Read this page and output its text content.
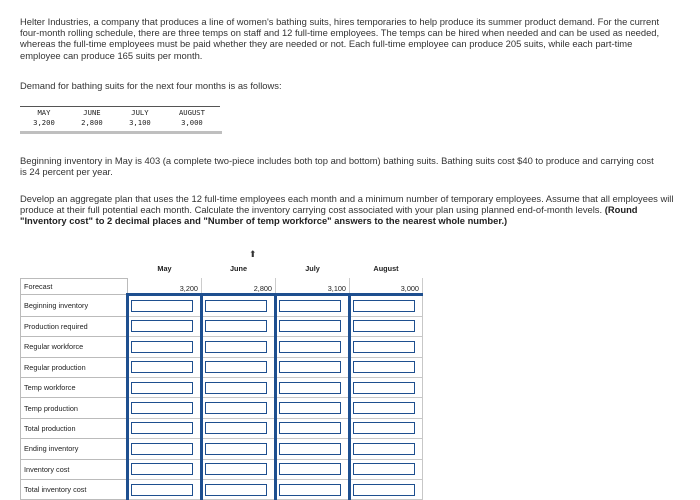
Helter Industries, a company that produces a line of women's bathing suits, hires temporaries to help produce its summer product demand. For the current four-month rolling schedule, there are three temps on staff and 12 full-time employees. The temps can be hired when needed and can be used as needed, whereas the full-time employees must be paid whether they are needed or not. Each full-time employee can produce 205 suits, while each part-time employee can produce 165 suits per month.

Demand for bathing suits for the next four months is as follows:

MAY	JUNE	JULY	AUGUST
3,200	2,800	3,100	3,000

Beginning inventory in May is 403 (a complete two-piece includes both top and bottom) bathing suits. Bathing suits cost $40 to produce and carrying cost is 24 percent per year.

Develop an aggregate plan that uses the 12 full-time employees each month and a minimum number of temporary employees. Assume that all employees will produce at their full potential each month. Calculate the inventory carrying cost associated with your plan using planned end-of-month levels. (Round "Inventory cost" to 2 decimal places and "Number of temp workforce" answers to the nearest whole number.)

⬆
	May	June	July	August
Forecast	3,200	2,800	3,100	3,000
Beginning inventory	

Production required	

Regular workforce	

Regular production	

Temp workforce	

Temp production	

Total production	

Ending inventory	

Inventory cost	

Total inventory cost	
